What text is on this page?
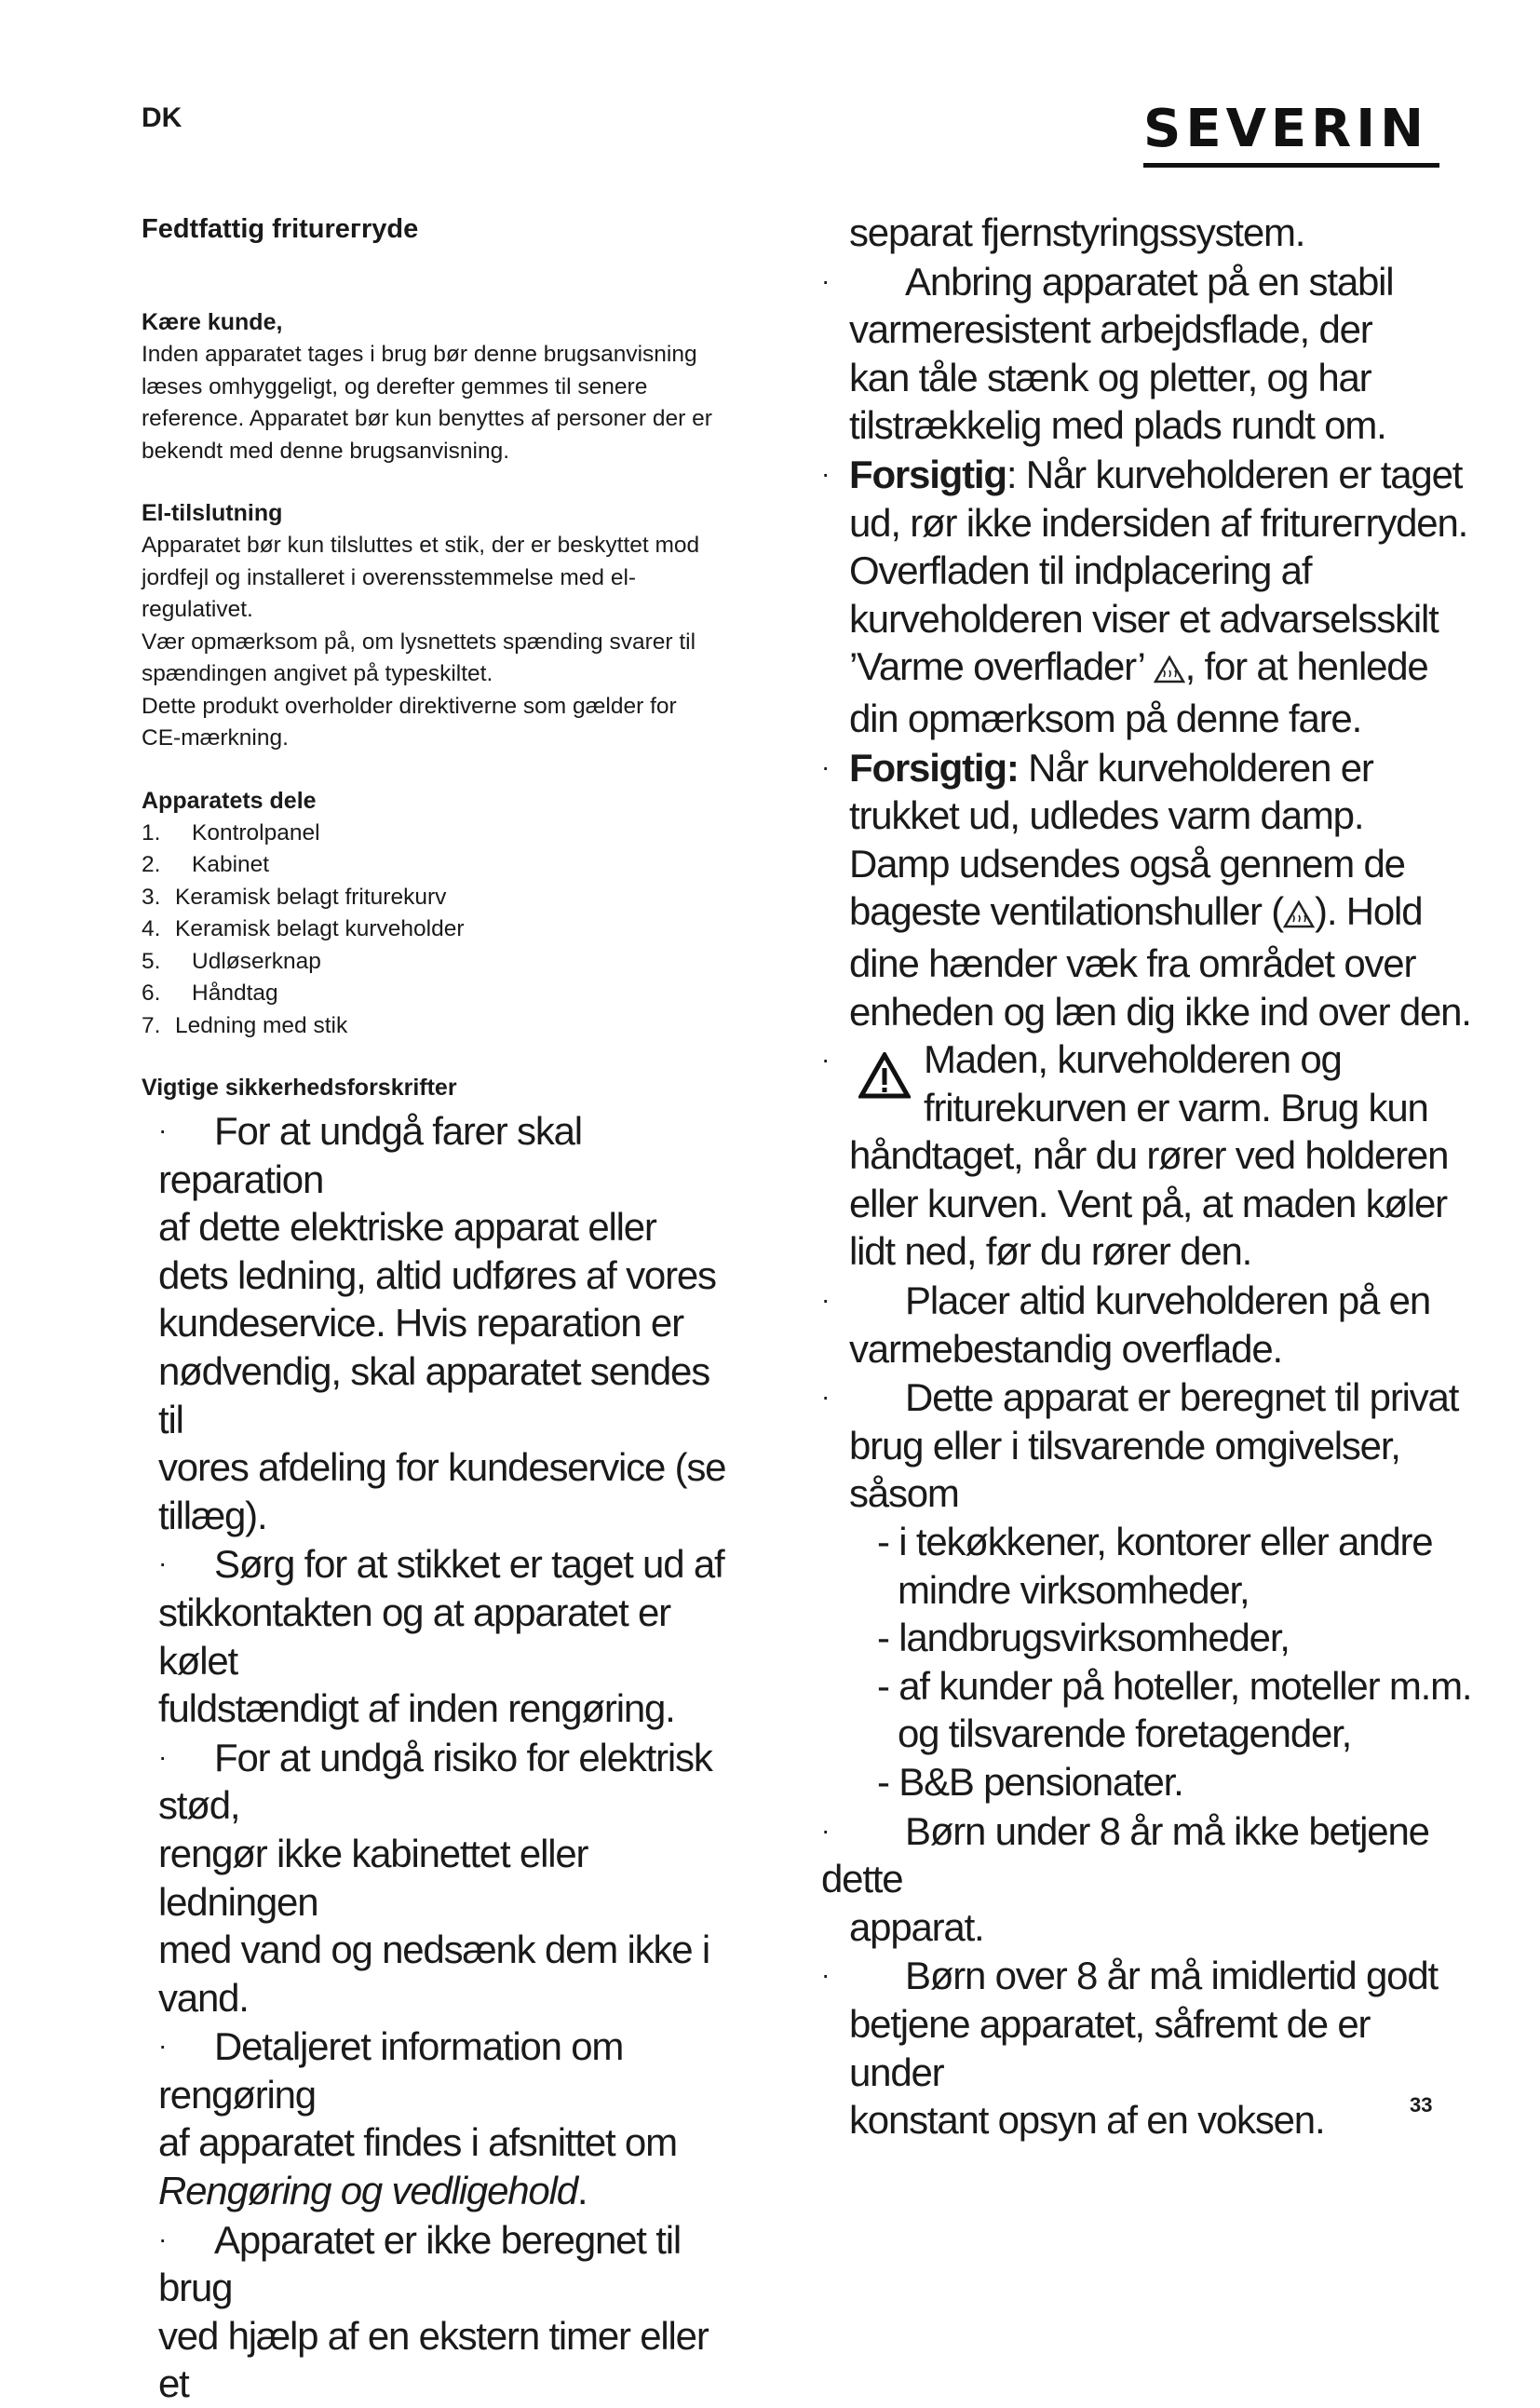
DK	SEVERIN
Fedtfattig friturегryde
Kære kunde,
Inden apparatet tages i brug bør denne brugsanvisning
læses omhyggeligt, og derefter gemmes til senere
reference. Apparatet bør kun benyttes af personer der er
bekendt med denne brugsanvisning.
El-tilslutning
Apparatet bør kun tilsluttes et stik, der er beskyttet mod
jordfejl og installeret i overensstemmelse med el-
regulativet.
Vær opmærksom på, om lysnettets spænding svarer til
spændingen angivet på typeskiltet.
Dette produkt overholder direktiverne som gælder for
CE-mærkning.
Apparatets dele
1.	Kontrolpanel
2.	Kabinet
3. Keramisk belagt friturekurv
4. Keramisk belagt kurveholder
5.	Udløserknap
6.	Håndtag
7. Ledning med stik
Vigtige sikkerhedsforskrifter
· For at undgå farer skal reparation
af dette elektriske apparat eller
dets ledning, altid udføres af vores
kundeservice. Hvis reparation er
nødvendig, skal apparatet sendes til
vores afdeling for kundeservice (se
tillæg).
· Sørg for at stikket er taget ud af
stikkontakten og at apparatet er kølet
fuldstændigt af inden rengøring.
· For at undgå risiko for elektrisk stød,
rengør ikke kabinettet eller ledningen
med vand og nedsænk dem ikke i
vand.
· Detaljeret information om rengøring
af apparatet findes i afsnittet om
Rengøring og vedligehold.
· Apparatet er ikke beregnet til brug
ved hjælp af en ekstern timer eller et
separat fjernstyringssystem.
· Anbring apparatet på en stabil
varmeresistent arbejdsflade, der
kan tåle stænk og pletter, og har
tilstrækkelig med plads rundt om.
· Forsigtig: Når kurveholderen er taget
ud, rør ikke indersiden af friturегryden.
Overfladen til indplacering af
kurveholderen viser et advarselsskilt
’Varme overflader’ , for at henlede
din opmærksom på denne fare.
· Forsigtig: Når kurveholderen er
trukket ud, udledes varm damp.
Damp udsendes også gennem de
bageste ventilationshuller ( ). Hold
dine hænder væk fra området over
enheden og læn dig ikke ind over den.
· Maden, kurveholderen og
friturekurven er varm. Brug kun
håndtaget, når du rører ved holderen
eller kurven. Vent på, at maden køler
lidt ned, før du rører den.
· Placer altid kurveholderen på en
varmebestandig overflade.
· Dette apparat er beregnet til privat
brug eller i tilsvarende omgivelser,
såsom
- i tekøkkener, kontorer eller andre
mindre virksomheder,
- landbrugsvirksomheder,
- af kunder på hoteller, moteller m.m.
og tilsvarende foretagender,
- B&B pensionater.
· Børn under 8 år må ikke betjene dette
apparat.
· Børn over 8 år må imidlertid godt
betjene apparatet, såfremt de er under
konstant opsyn af en voksen.	33
